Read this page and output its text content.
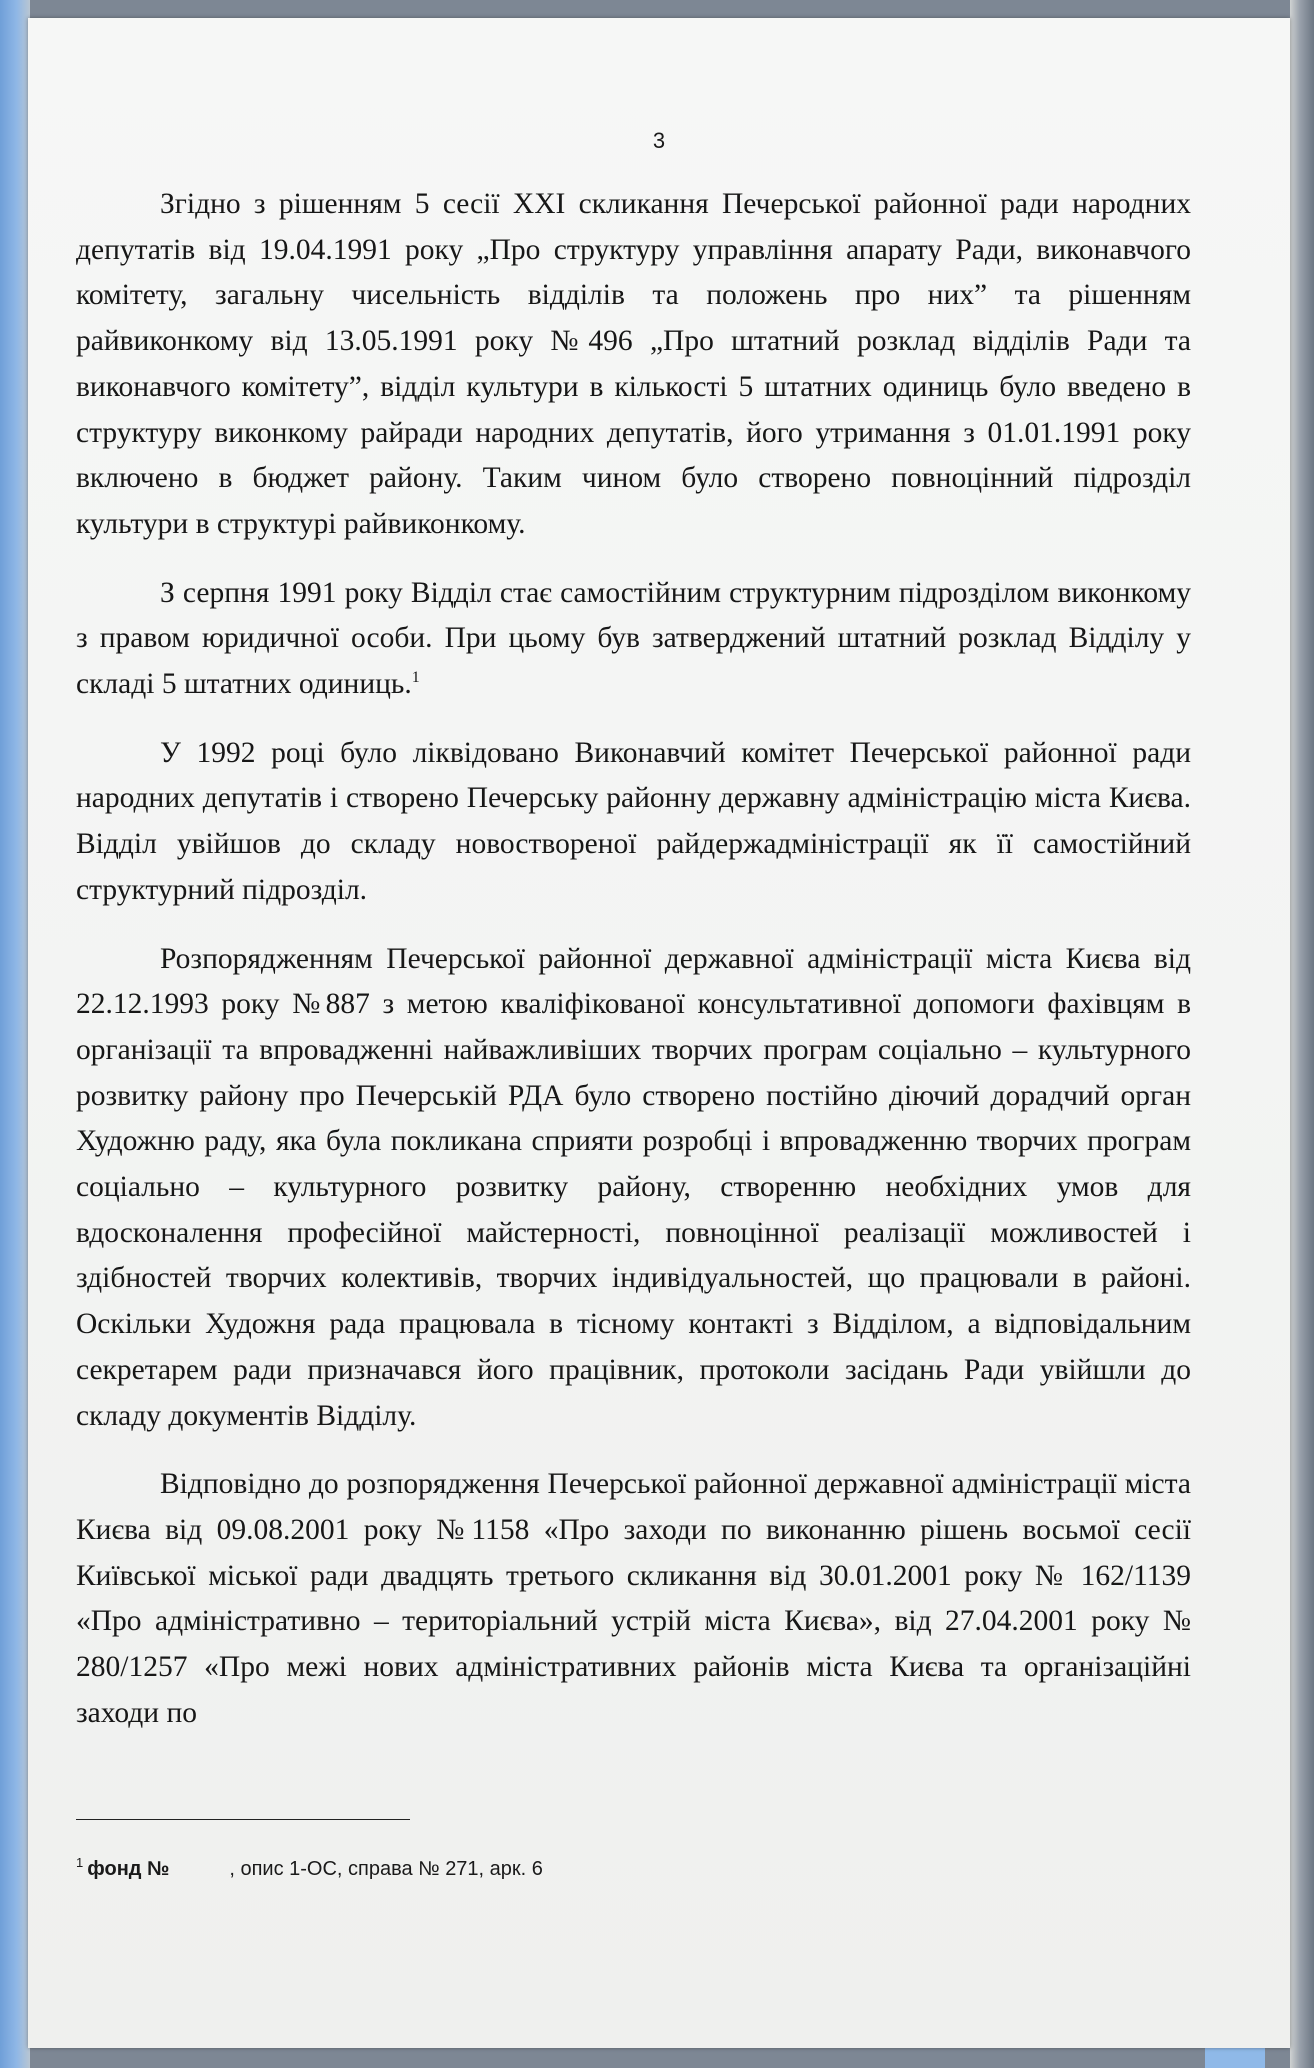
3

Згідно з рішенням 5 сесії XXI скликання Печерської районної ради народних депутатів від 19.04.1991 року „Про структуру управління апарату Ради, виконавчого комітету, загальну чисельність відділів та положень про них” та рішенням райвиконкому від 13.05.1991 року №496 „Про штатний розклад відділів Ради та виконавчого комітету”, відділ культури в кількості 5 штатних одиниць було введено в структуру виконкому райради народних депутатів, його утримання з 01.01.1991 року включено в бюджет району. Таким чином було створено повноцінний підрозділ культури в структурі райвиконкому.

З серпня 1991 року Відділ стає самостійним структурним підрозділом виконкому з правом юридичної особи. При цьому був затверджений штатний розклад Відділу у складі 5 штатних одиниць.$^1$

У 1992 році було ліквідовано Виконавчий комітет Печерської районної ради народних депутатів і створено Печерську районну державну адміністрацію міста Києва. Відділ увійшов до складу новоствореної райдержадміністрації як її самостійний структурний підрозділ.

Розпорядженням Печерської районної державної адміністрації міста Києва від 22.12.1993 року №887 з метою кваліфікованої консультативної допомоги фахівцям в організації та впровадженні найважливіших творчих програм соціально – культурного розвитку району про Печерській РДА було створено постійно діючий дорадчий орган Художню раду, яка була покликана сприяти розробці і впровадженню творчих програм соціально – культурного розвитку району, створенню необхідних умов для вдосконалення професійної майстерності, повноцінної реалізації можливостей і здібностей творчих колективів, творчих індивідуальностей, що працювали в районі. Оскільки Художня рада працювала в тісному контакті з Відділом, а відповідальним секретарем ради призначався його працівник, протоколи засідань Ради увійшли до складу документів Відділу.

Відповідно до розпорядження Печерської районної державної адміністрації міста Києва від 09.08.2001 року №1158 «Про заходи по виконанню рішень восьмої сесії Київської міської ради двадцять третього скликання від 30.01.2001 року № 162/1139 «Про адміністративно – територіальний устрій міста Києва», від 27.04.2001 року № 280/1257 «Про межі нових адміністративних районів міста Києва та організаційні заходи по

$^1$ фонд №	, опис 1-ОС, справа № 271, арк. 6
